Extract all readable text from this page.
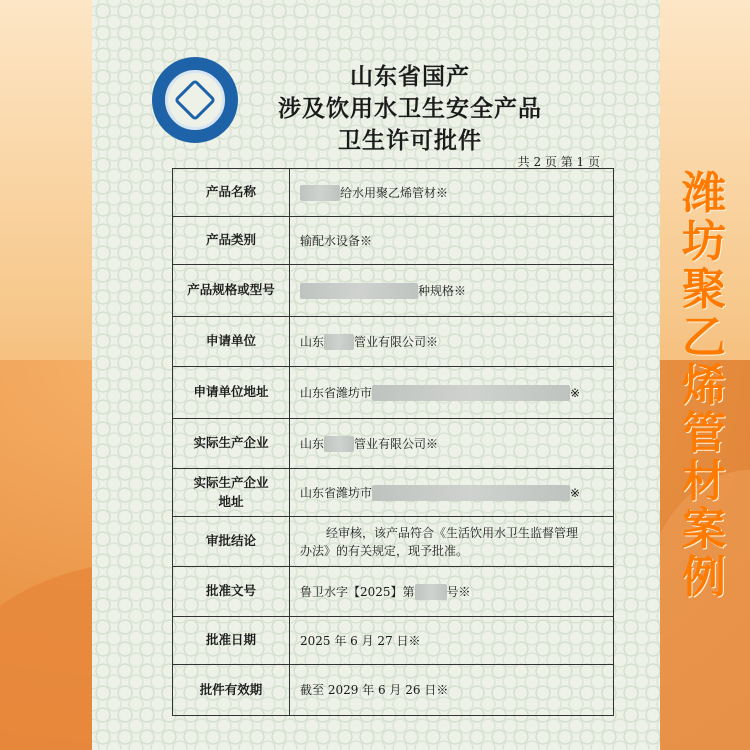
山东省国产
涉及饮用水卫生安全产品
卫生许可批件
共 2 页 第 1 页
产品名称	给水用聚乙烯管材※
产品类别	输配水设备※
产品规格或型号	种规格※
申请单位	山东 管业有限公司※
申请单位地址	山东省潍坊市 ※
实际生产企业	山东 管业有限公司※
实际生产企业
地址	山东省潍坊市 ※
审批结论	经审核，该产品符合《生活饮用水卫生监督管理
办法》的有关规定，现予批准。

批准文号	鲁卫水字【2025】第 号※
批准日期	2025 年 6 月 27 日※
批件有效期	截至 2029 年 6 月 26 日※
潍
坊
聚
乙
烯
管
材
案
例
